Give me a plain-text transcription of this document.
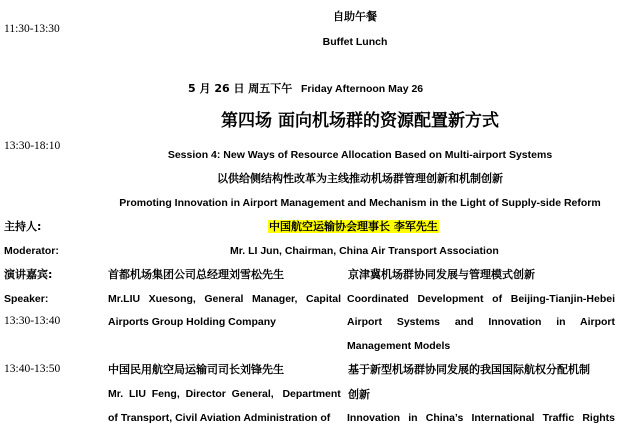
11:30-13:30
13:30-18:10
13:30-13:40
13:40-13:50
自助午餐
Buffet Lunch
5 月 26 日 周五下午 Friday Afternoon May 26
第四场 面向机场群的资源配置新方式
Session 4: New Ways of Resource Allocation Based on Multi-airport Systems
以供给侧结构性改革为主线推动机场群管理创新和机制创新
Promoting Innovation in Airport Management and Mechanism in the Light of Supply-side Reform
主持人:
Moderator:
中国航空运输协会理事长 李军先生
Mr. LI Jun, Chairman, China Air Transport Association
演讲嘉宾:
Speaker:
首都机场集团公司总经理刘雪松先生
Mr.LIU  Xuesong,  General  Manager,  Capital
Airports Group Holding Company
京津冀机场群协同发展与管理模式创新
Coordinated  Development  of  Beijing-Tianjin-Hebei
Airport  Systems  and  Innovation  in  Airport
Management Models
中国民用航空局运输司司长刘锋先生
Mr.  LIU  Feng,  Director  General,   Department
of Transport, Civil Aviation Administration of
基于新型机场群协同发展的我国国际航权分配机制
创新
Innovation  in  China’s  International  Traffic  Rights
